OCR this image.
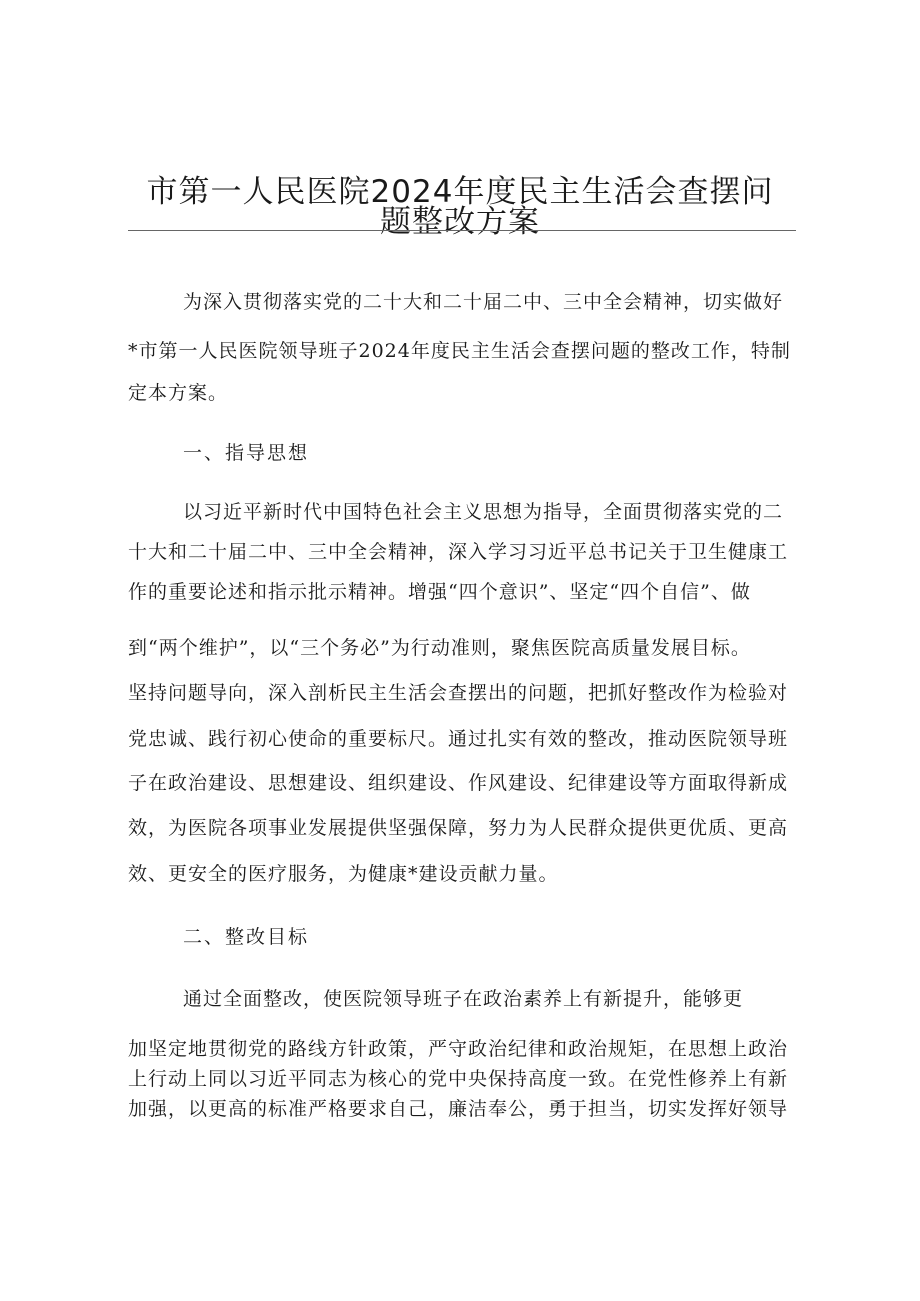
市第一人民医院2024年度民主生活会查摆问
题整改方案
为深入贯彻落实党的二十大和二十届二中、三中全会精神，切实做好
*市第一人民医院领导班子2024年度民主生活会查摆问题的整改工作，特制
定本方案。
一、指导思想
以习近平新时代中国特色社会主义思想为指导，全面贯彻落实党的二
十大和二十届二中、三中全会精神，深入学习习近平总书记关于卫生健康工
作的重要论述和指示批示精神。增强“四个意识”、坚定“四个自信”、做
到“两个维护”，以“三个务必”为行动准则，聚焦医院高质量发展目标。
坚持问题导向，深入剖析民主生活会查摆出的问题，把抓好整改作为检验对
党忠诚、践行初心使命的重要标尺。通过扎实有效的整改，推动医院领导班
子在政治建设、思想建设、组织建设、作风建设、纪律建设等方面取得新成
效，为医院各项事业发展提供坚强保障，努力为人民群众提供更优质、更高
效、更安全的医疗服务，为健康*建设贡献力量。
二、整改目标
通过全面整改，使医院领导班子在政治素养上有新提升，能够更
加坚定地贯彻党的路线方针政策，严守政治纪律和政治规矩，在思想上政治
上行动上同以习近平同志为核心的党中央保持高度一致。在党性修养上有新
加强，以更高的标准严格要求自己，廉洁奉公，勇于担当，切实发挥好领导
